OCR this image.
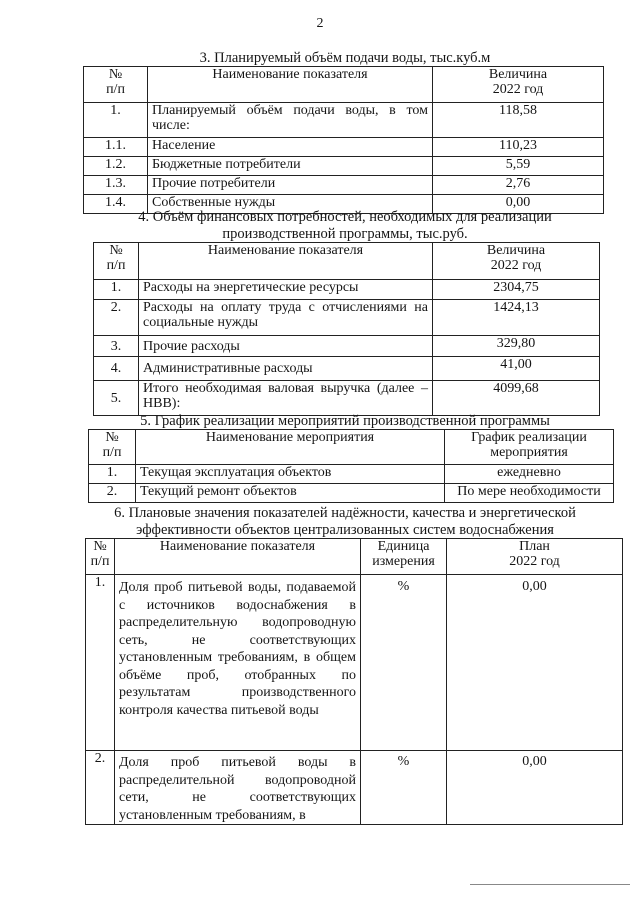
2
3. Планируемый объём подачи воды, тыс.куб.м
№
п/п	Наименование показателя	Величина
2022 год
1.	Планируемый объём подачи воды, в том числе:	118,58
1.1.	Население	110,23
1.2.	Бюджетные потребители	5,59
1.3.	Прочие потребители	2,76
1.4.	Собственные нужды	0,00
4. Объём финансовых потребностей, необходимых для реализации
производственной программы, тыс.руб.
№
п/п	Наименование показателя	Величина
2022 год
1.	Расходы на энергетические ресурсы	2304,75
2.	Расходы на оплату труда с отчислениями на социальные нужды	1424,13
3.	Прочие расходы	329,80
4.	Административные расходы	41,00
5.	Итого необходимая валовая выручка (далее – НВВ):	4099,68
5. График реализации мероприятий производственной программы
№
п/п	Наименование мероприятия	График реализации
мероприятия
1.	Текущая эксплуатация объектов	ежедневно
2.	Текущий ремонт объектов	По мере необходимости
6. Плановые значения показателей надёжности, качества и энергетической
эффективности объектов централизованных систем водоснабжения
№
п/п	Наименование показателя	Единица
измерения	План
2022 год
1.	Доля проб питьевой воды, подаваемой с источников водоснабжения в распределительную водопроводную сеть, не соответствующих установленным требованиям, в общем объёме проб, отобранных по результатам производственного контроля качества питьевой воды	%	0,00
2.	Доля проб питьевой воды в распределительной водопроводной сети, не соответствующих установленным требованиям, в	%	0,00
